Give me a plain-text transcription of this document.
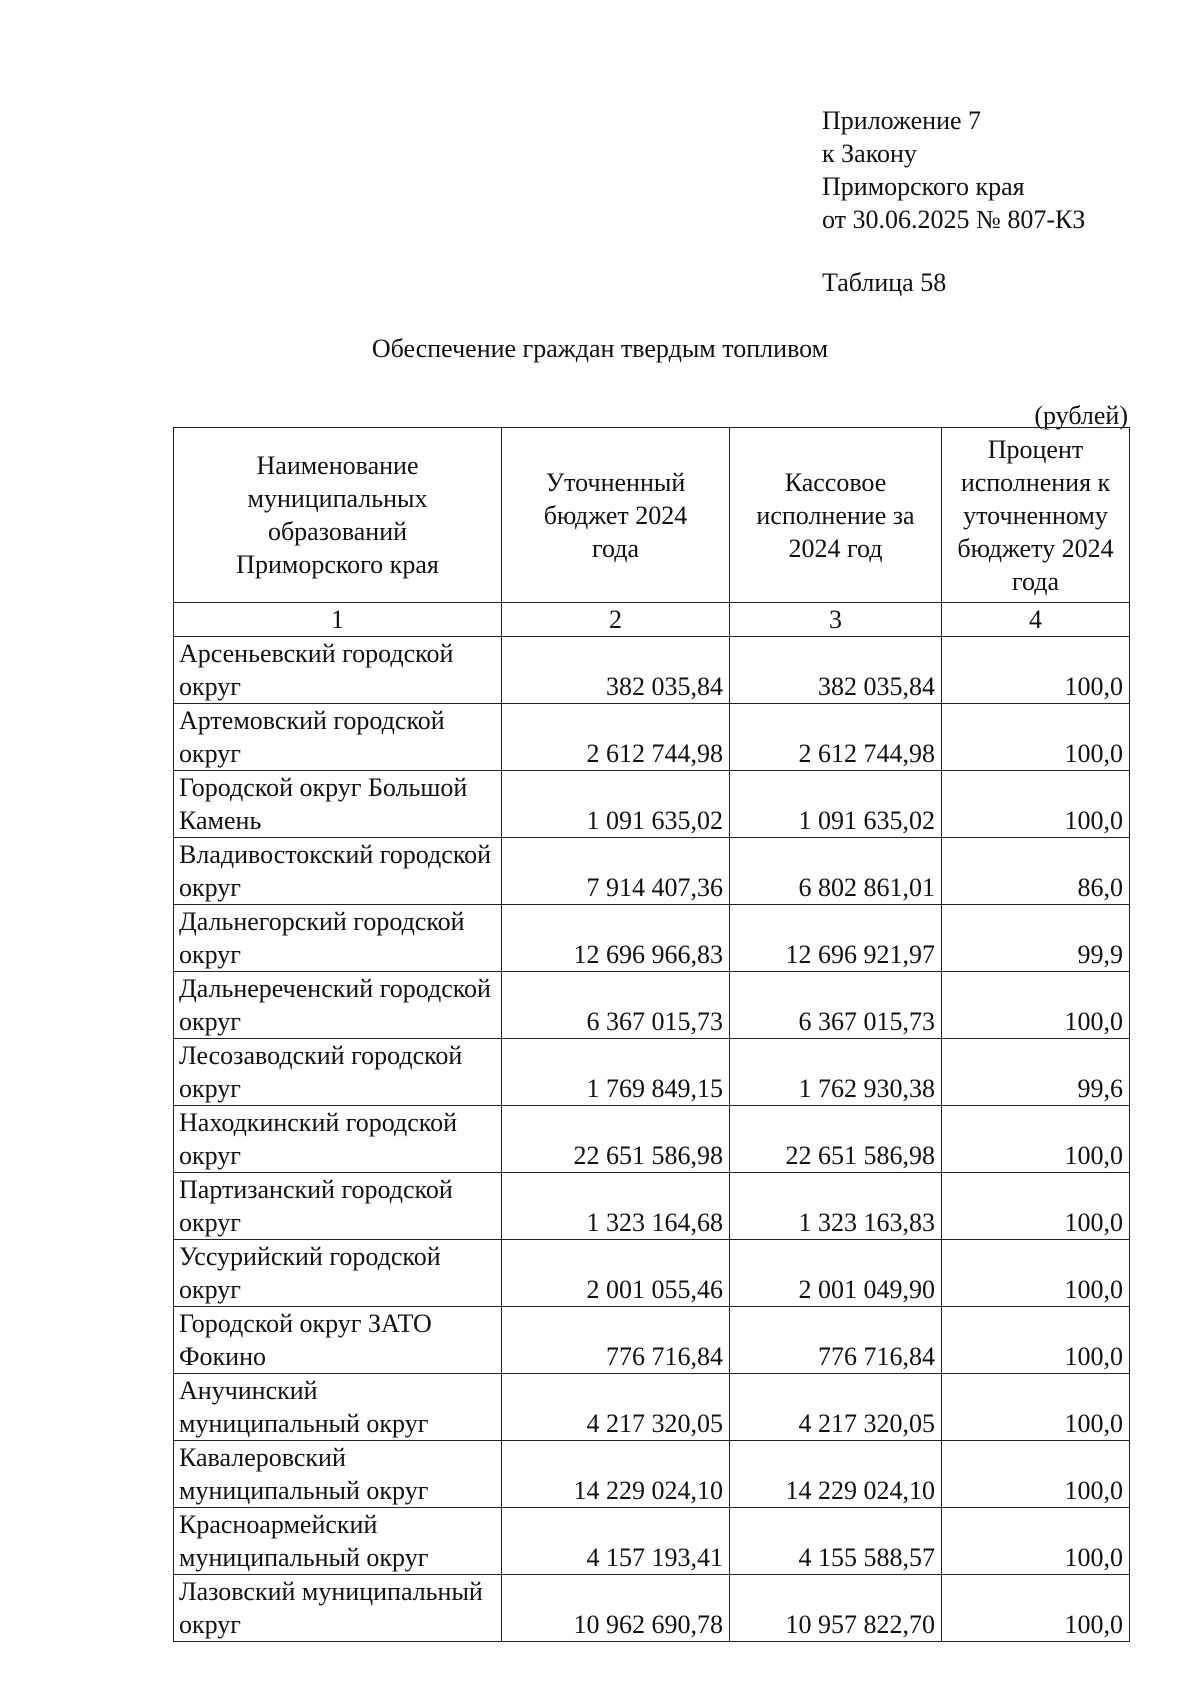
Приложение 7
к Закону
Приморского края
от 30.06.2025 № 807-КЗ
Таблица 58
Обеспечение граждан твердым топливом
(рублей)
Наименование муниципальных образований Приморского края	Уточненный бюджет 2024 года	Кассовое исполнение за 2024 год	Процент исполнения к уточненному бюджету 2024 года
1	2	3	4
Арсеньевский городской округ	382 035,84	382 035,84	100,0
Артемовский городской округ	2 612 744,98	2 612 744,98	100,0
Городской округ Большой Камень	1 091 635,02	1 091 635,02	100,0
Владивостокский городской округ	7 914 407,36	6 802 861,01	86,0
Дальнегорский городской округ	12 696 966,83	12 696 921,97	99,9
Дальнереченский городской округ	6 367 015,73	6 367 015,73	100,0
Лесозаводский городской округ	1 769 849,15	1 762 930,38	99,6
Находкинский городской округ	22 651 586,98	22 651 586,98	100,0
Партизанский городской округ	1 323 164,68	1 323 163,83	100,0
Уссурийский городской округ	2 001 055,46	2 001 049,90	100,0
Городской округ ЗАТО Фокино	776 716,84	776 716,84	100,0
Анучинский муниципальный округ	4 217 320,05	4 217 320,05	100,0
Кавалеровский муниципальный округ	14 229 024,10	14 229 024,10	100,0
Красноармейский муниципальный округ	4 157 193,41	4 155 588,57	100,0
Лазовский муниципальный округ	10 962 690,78	10 957 822,70	100,0
